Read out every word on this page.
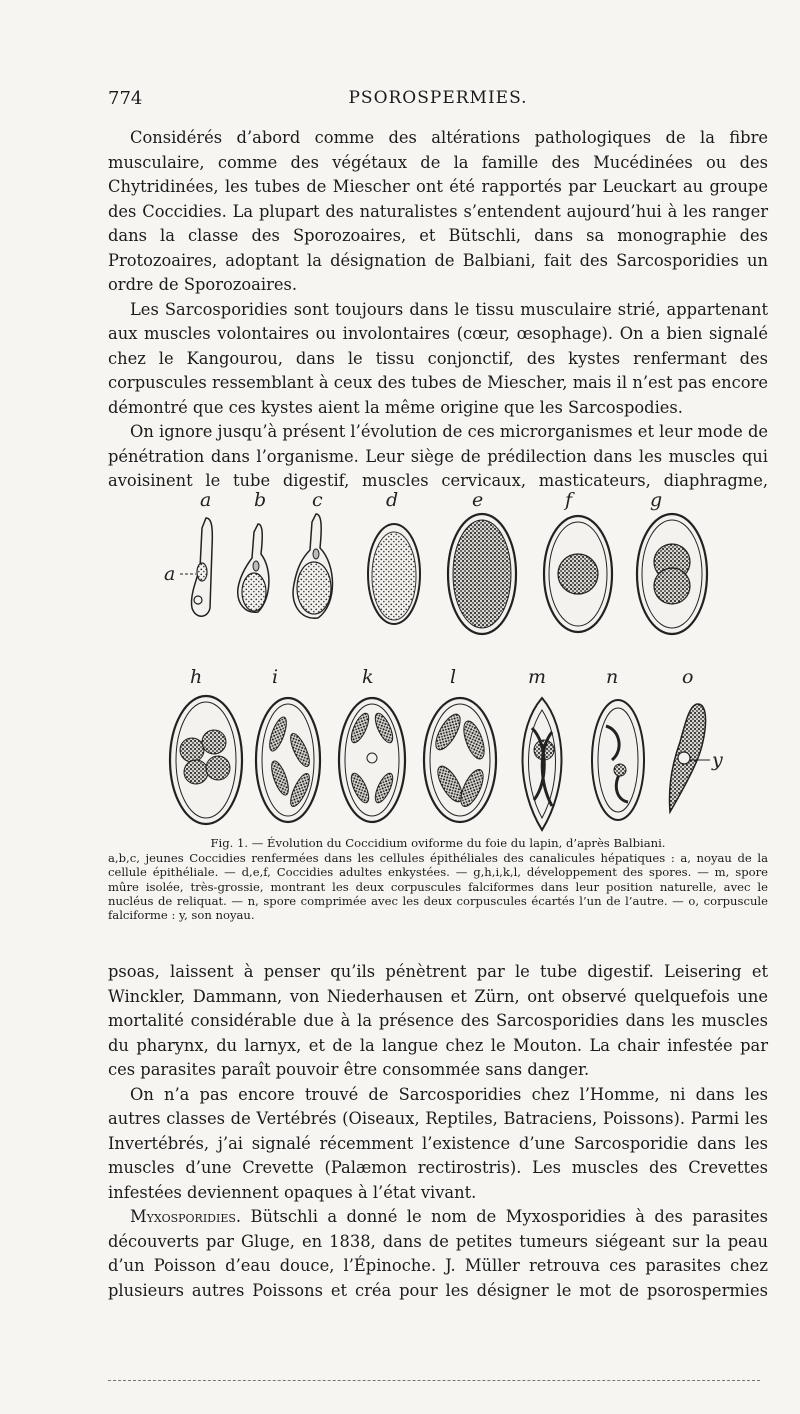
774	PSOROSPERMIES.

Considérés d’abord comme des altérations pathologiques de la fibre musculaire, comme des végétaux de la famille des Mucédinées ou des Chytridinées, les tubes de Miescher ont été rapportés par Leuckart au groupe des Coccidies. La plupart des naturalistes s’entendent aujourd’hui à les ranger dans la classe des Sporozoaires, et Bütschli, dans sa monographie des Protozoaires, adoptant la désignation de Balbiani, fait des Sarcosporidies un ordre de Sporozoaires.

Les Sarcosporidies sont toujours dans le tissu musculaire strié, appartenant aux muscles volontaires ou involontaires (cœur, œsophage). On a bien signalé chez le Kangourou, dans le tissu conjonctif, des kystes renfermant des corpuscules ressemblant à ceux des tubes de Miescher, mais il n’est pas encore démontré que ces kystes aient la même origine que les Sarcospodies.

On ignore jusqu’à présent l’évolution de ces microrganismes et leur mode de pénétration dans l’organisme. Leur siège de prédilection dans les muscles qui avoisinent le tube digestif, muscles cervicaux, masticateurs, diaphragme,

a b c	d	e	f	g
a
h	i	k	l	m	n	o
y

Fig. 1. — Évolution du Coccidium oviforme du foie du lapin, d’après Balbiani.

a,b,c, jeunes Coccidies renfermées dans les cellules épithéliales des canalicules hépatiques : a, noyau de la cellule épithéliale. — d,e,f, Coccidies adultes enkystées. — g,h,i,k,l, développement des spores. — m, spore mûre isolée, très-grossie, montrant les deux corpuscules falciformes dans leur position naturelle, avec le nucléus de reliquat. — n, spore comprimée avec les deux corpuscules écartés l’un de l’autre. — o, corpuscule falciforme : y, son noyau.

psoas, laissent à penser qu’ils pénètrent par le tube digestif. Leisering et Winckler, Dammann, von Niederhausen et Zürn, ont observé quelquefois une mortalité considérable due à la présence des Sarcosporidies dans les muscles du pharynx, du larnyx, et de la langue chez le Mouton. La chair infestée par ces parasites paraît pouvoir être consommée sans danger.

On n’a pas encore trouvé de Sarcosporidies chez l’Homme, ni dans les autres classes de Vertébrés (Oiseaux, Reptiles, Batraciens, Poissons). Parmi les Invertébrés, j’ai signalé récemment l’existence d’une Sarcosporidie dans les muscles d’une Crevette (Palæmon rectirostris). Les muscles des Crevettes infestées deviennent opaques à l’état vivant.

Myxosporidies. Bütschli a donné le nom de Myxosporidies à des parasites découverts par Gluge, en 1838, dans de petites tumeurs siégeant sur la peau d’un Poisson d’eau douce, l’Épinoche. J. Müller retrouva ces parasites chez plusieurs autres Poissons et créa pour les désigner le mot de psorospermies
